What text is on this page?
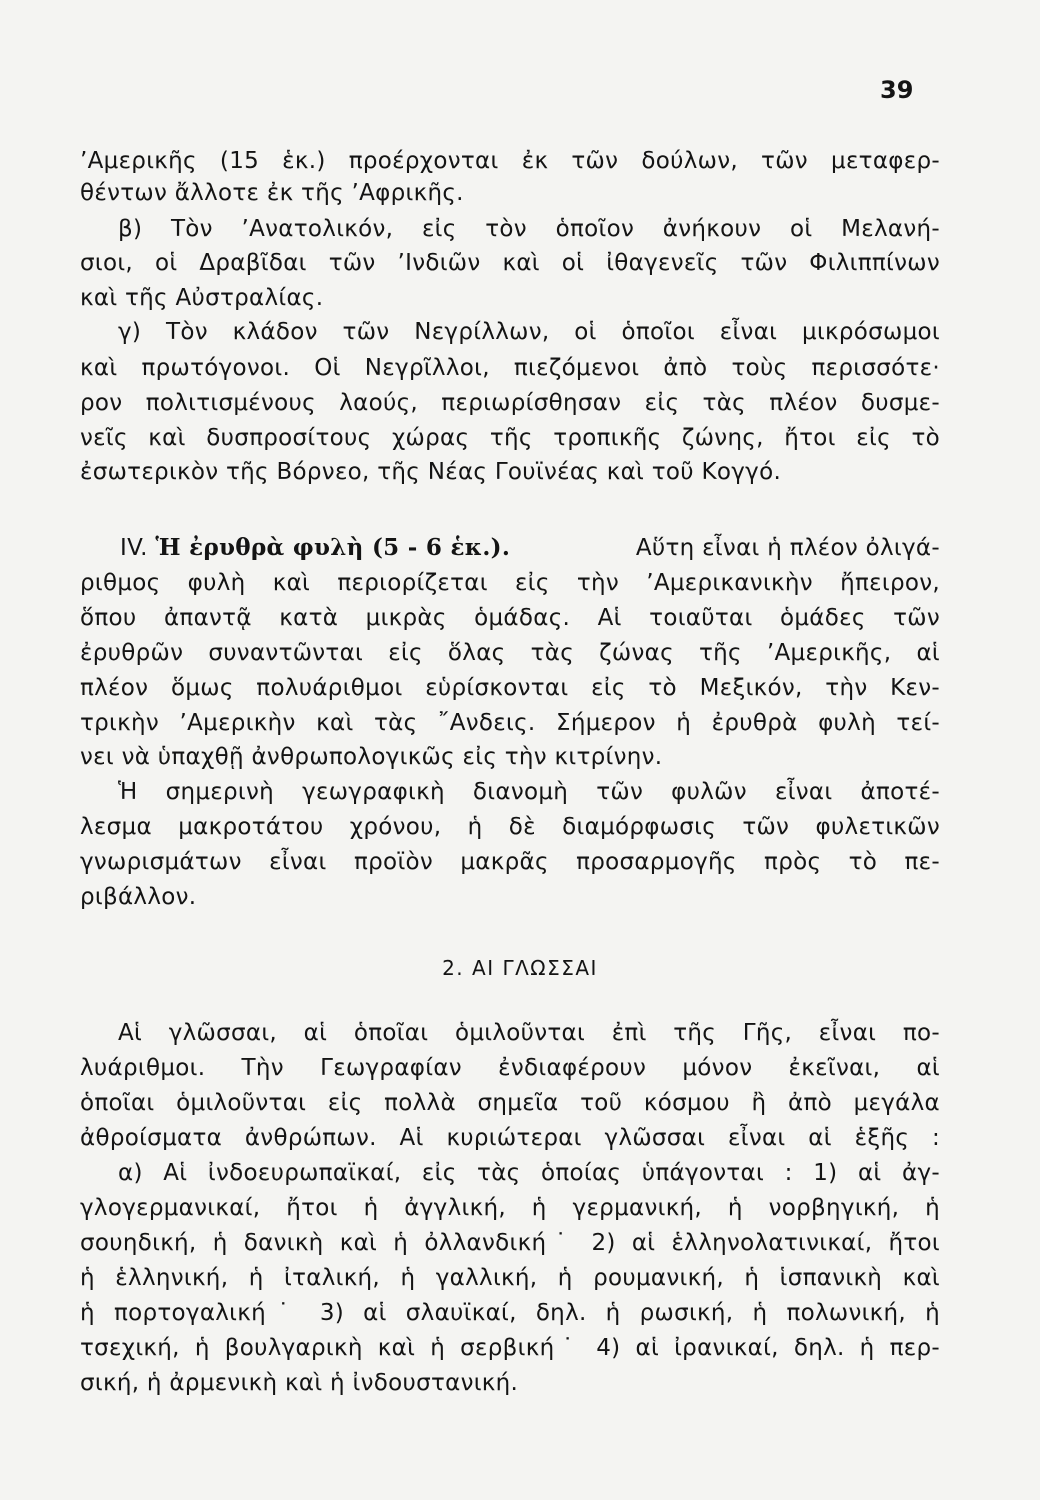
39
’Αμερικῆς (15 ἑκ.) προέρχονται ἐκ τῶν δούλων, τῶν μεταφερ-
θέντων ἄλλοτε ἐκ τῆς ’Αφρικῆς.
β) Τὸν ’Ανατολικόν, εἰς τὸν ὁποῖον ἀνήκουν οἱ Μελανή-
σιοι, οἱ Δραβῖδαι τῶν ’Ινδιῶν καὶ οἱ ἰθαγενεῖς τῶν Φιλιππίνων
καὶ τῆς Αὐστραλίας.
γ) Τὸν κλάδον τῶν Νεγρίλλων, οἱ ὁποῖοι εἶναι μικρόσωμοι
καὶ πρωτόγονοι. Οἱ Νεγρῖλλοι, πιεζόμενοι ἀπὸ τοὺς περισσότε·
ρον πολιτισμένους λαούς, περιωρίσθησαν εἰς τὰς πλέον δυσμε-
νεῖς καὶ δυσπροσίτους χώρας τῆς τροπικῆς ζώνης, ἤτοι εἰς τὸ
ἐσωτερικὸν τῆς Βόρνεο, τῆς Νέας Γουϊνέας καὶ τοῦ Κογγό.
IV. Ἡ ἐρυθρὰ φυλὴ (5 - 6 ἑκ.).	Αὕτη εἶναι ἡ πλέον ὀλιγά-
ριθμος φυλὴ καὶ περιορίζεται εἰς τὴν ’Αμερικανικὴν ἤπειρον,
ὅπου ἀπαντᾷ κατὰ μικρὰς ὁμάδας. Αἱ τοιαῦται ὁμάδες τῶν
ἐρυθρῶν συναντῶνται εἰς ὅλας τὰς ζώνας τῆς ’Αμερικῆς, αἱ
πλέον ὅμως πολυάριθμοι εὑρίσκονται εἰς τὸ Μεξικόν, τὴν Κεν-
τρικὴν ’Αμερικὴν καὶ τὰς ῎Ανδεις. Σήμερον ἡ ἐρυθρὰ φυλὴ τεί-
νει νὰ ὑπαχθῇ ἀνθρωπολογικῶς εἰς τὴν κιτρίνην.
Ἡ σημερινὴ γεωγραφικὴ διανομὴ τῶν φυλῶν εἶναι ἀποτέ-
λεσμα μακροτάτου χρόνου, ἡ δὲ διαμόρφωσις τῶν φυλετικῶν
γνωρισμάτων εἶναι προϊὸν μακρᾶς προσαρμογῆς πρὸς τὸ πε-
ριβάλλον.
2. ΑΙ ΓΛΩΣΣΑΙ
Αἱ γλῶσσαι, αἱ ὁποῖαι ὁμιλοῦνται ἐπὶ τῆς Γῆς, εἶναι πο-
λυάριθμοι. Τὴν Γεωγραφίαν ἐνδιαφέρουν μόνον ἐκεῖναι, αἱ
ὁποῖαι ὁμιλοῦνται εἰς πολλὰ σημεῖα τοῦ κόσμου ἢ ἀπὸ μεγάλα
ἀθροίσματα ἀνθρώπων. Αἱ κυριώτεραι γλῶσσαι εἶναι αἱ ἑξῆς :
α) Αἱ ἰνδοευρωπαϊκαί, εἰς τὰς ὁποίας ὑπάγονται : 1) αἱ ἀγ-
γλογερμανικαί, ἤτοι ἡ ἀγγλική, ἡ γερμανική, ἡ νορβηγική, ἡ
σουηδική, ἡ δανικὴ καὶ ἡ ὀλλανδική˙ 2) αἱ ἑλληνολατινικαί, ἤτοι
ἡ ἑλληνική, ἡ ἰταλική, ἡ γαλλική, ἡ ρουμανική, ἡ ἱσπανικὴ καὶ
ἡ πορτογαλική˙ 3) αἱ σλαυϊκαί, δηλ. ἡ ρωσική, ἡ πολωνική, ἡ
τσεχική, ἡ βουλγαρικὴ καὶ ἡ σερβική˙ 4) αἱ ἰρανικαί, δηλ. ἡ περ-
σική, ἡ ἀρμενικὴ καὶ ἡ ἰνδουστανική.
